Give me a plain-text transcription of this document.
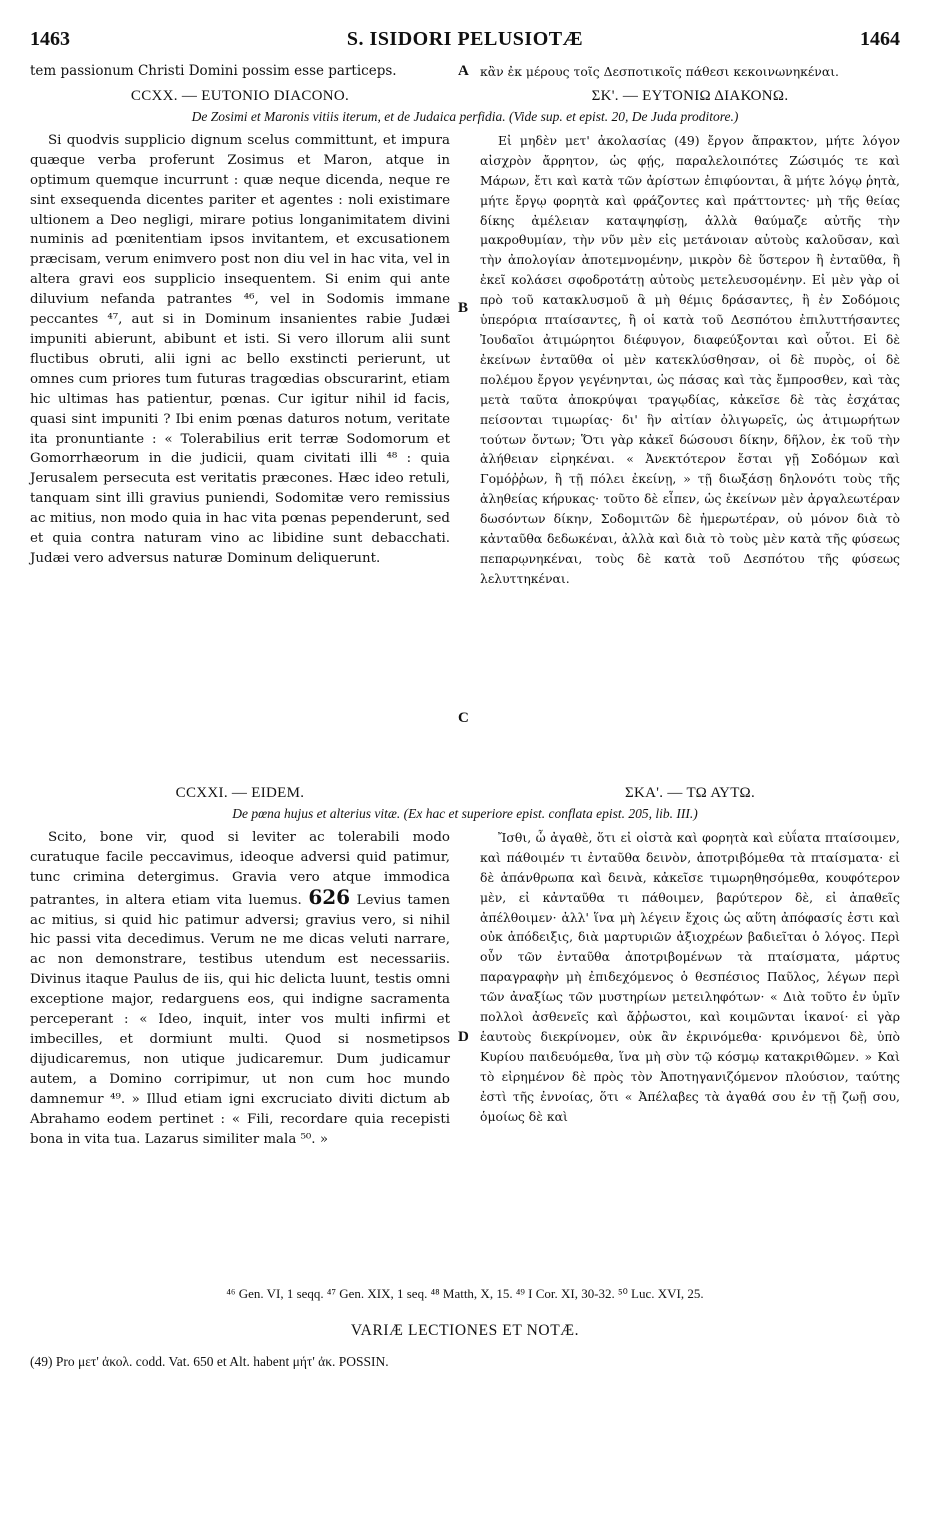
1463	S. ISIDORI PELUSIOTÆ	1464
tem passionum Christi Domini possim esse particeps.	A κἂν ἐκ μέρους τοῖς Δεσποτικοῖς πάθεσι κεκοινωνηκέναι.
CCXX. — EUTONIO DIACONO.	ΣΚ'. — ΕΥΤΟΝΙΩ ΔΙΑΚΟΝΩ.
De Zosimi et Maronis vitiis iterum, et de Judaica perfidia. (Vide sup. et epist. 20, De Juda proditore.)

Si quodvis supplicio dignum scelus committunt, et impura quæque verba proferunt Zosimus et Maron, atque in optimum quemque incurrunt : quæ neque dicenda, neque re sint exsequenda dicentes pariter et agentes : noli existimare ultionem a Deo negligi, mirare potius longanimitatem divini numinis ad pœnitentiam ipsos invitantem, et excusationem præcisam, verum enimvero post non diu vel in hac vita, vel in altera gravi eos supplicio insequentem. Si enim qui ante diluvium nefanda patrantes ⁴⁶, vel in Sodomis immane peccantes ⁴⁷, aut si in Dominum insanientes rabie Judæi impuniti abierunt, abibunt et isti. Si vero illorum alii sunt fluctibus obruti, alii igni ac bello exstincti perierunt, ut omnes cum priores tum futuras tragœdias obscurarint, etiam hic ultimas has patientur, pœnas. Cur igitur nihil id facis, quasi sint impuniti ? Ibi enim pœnas daturos notum, veritate ita pronuntiante : « Tolerabilius erit terræ Sodomorum et Gomorrhæorum in die judicii, quam civitati illi ⁴⁸ : quia Jerusalem persecuta est veritatis præcones. Hæc ideo retuli, tanquam sint illi gravius puniendi, Sodomitæ vero remissius ac mitius, non modo quia in hac vita pœnas pependerunt, sed et quia contra naturam vino ac libidine sunt debacchati. Judæi vero adversus naturæ Dominum deliquerunt.

B
C

Εἰ μηδὲν μετ' ἀκολασίας (49) ἔργον ἄπρακτον, μήτε λόγον αἰσχρὸν ἄρρητον, ὡς φῄς, παραλελοιπότες Ζώσιμός τε καὶ Μάρων, ἔτι καὶ κατὰ τῶν ἀρίστων ἐπιφύονται, ἃ μήτε λόγῳ ῥητὰ, μήτε ἔργῳ φορητὰ καὶ φράζοντες καὶ πράττοντες· μὴ τῆς θείας δίκης ἀμέλειαν καταψηφίσῃ, ἀλλὰ θαύμαζε αὐτῆς τὴν μακροθυμίαν, τὴν νῦν μὲν εἰς μετάνοιαν αὐτοὺς καλοῦσαν, καὶ τὴν ἀπολογίαν ἀποτεμνομένην, μικρὸν δὲ ὕστερον ἢ ἐνταῦθα, ἢ ἐκεῖ κολάσει σφοδροτάτῃ αὐτοὺς μετελευσομένην. Εἰ μὲν γὰρ οἱ πρὸ τοῦ κατακλυσμοῦ ἃ μὴ θέμις δράσαντες, ἢ ἐν Σοδόμοις ὑπερόρια πταίσαντες, ἢ οἱ κατὰ τοῦ Δεσπότου ἐπιλυττήσαντες Ἰουδαῖοι ἀτιμώρητοι διέφυγον, διαφεύξονται καὶ οὗτοι. Εἰ δὲ ἐκείνων ἐνταῦθα οἱ μὲν κατεκλύσθησαν, οἱ δὲ πυρὸς, οἱ δὲ πολέμου ἔργον γεγένηνται, ὡς πάσας καὶ τὰς ἔμπροσθεν, καὶ τὰς μετὰ ταῦτα ἀποκρύψαι τραγῳδίας, κἀκεῖσε δὲ τὰς ἐσχάτας πείσονται τιμωρίας· δι' ἣν αἰτίαν ὀλιγωρεῖς, ὡς ἀτιμωρήτων τούτων ὄντων; Ὅτι γὰρ κἀκεῖ δώσουσι δίκην, δῆλον, ἐκ τοῦ τὴν ἀλήθειαν εἰρηκέναι. « Ἀνεκτότερον ἔσται γῇ Σοδόμων καὶ Γομόῤῥων, ἢ τῇ πόλει ἐκείνῃ, » τῇ διωξάσῃ δηλονότι τοὺς τῆς ἀληθείας κήρυκας· τοῦτο δὲ εἶπεν, ὡς ἐκείνων μὲν ἀργαλεωτέραν δωσόντων δίκην, Σοδομιτῶν δὲ ἠμερωτέραν, οὐ μόνον διὰ τὸ κἀνταῦθα δεδωκέναι, ἀλλὰ καὶ διὰ τὸ τοὺς μὲν κατὰ τῆς φύσεως πεπαρῳνηκέναι, τοὺς δὲ κατὰ τοῦ Δεσπότου τῆς φύσεως λελυττηκέναι.

CCXXI. — EIDEM.	ΣΚΑ'. — ΤΩ ΑΥΤΩ.
De pœna hujus et alterius vitæ. (Ex hac et superiore epist. conflata epist. 205, lib. III.)

Scito, bone vir, quod si leviter ac tolerabili modo curatuque facile peccavimus, ideoque adversi quid patimur, tunc crimina detergimus. Gravia vero atque immodica patrantes, in altera etiam vita luemus. 626 Levius tamen ac mitius, si quid hic patimur adversi; gravius vero, si nihil hic passi vita decedimus. Verum ne me dicas veluti narrare, ac non demonstrare, testibus utendum est necessariis. Divinus itaque Paulus de iis, qui hic delicta luunt, testis omni exceptione major, redarguens eos, qui indigne sacramenta perceperant : « Ideo, inquit, inter vos multi infirmi et imbecilles, et dormiunt multi. Quod si nosmetipsos dijudicaremus, non utique judicaremur. Dum judicamur autem, a Domino corripimur, ut non cum hoc mundo damnemur ⁴⁹. » Illud etiam igni excruciato diviti dictum ab Abrahamo eodem pertinet : « Fili, recordare quia recepisti bona in vita tua. Lazarus similiter mala ⁵⁰. »

D

Ἴσθι, ὦ ἀγαθὲ, ὅτι εἰ οἰστὰ καὶ φορητὰ καὶ εὐΐατα πταίσοιμεν, καὶ πάθοιμέν τι ἐνταῦθα δεινὸν, ἀποτριβόμεθα τὰ πταίσματα· εἰ δὲ ἀπάνθρωπα καὶ δεινὰ, κἀκεῖσε τιμωρηθησόμεθα, κουφότερον μὲν, εἰ κἀνταῦθα τι πάθοιμεν, βαρύτερον δὲ, εἰ ἀπαθεῖς ἀπέλθοιμεν· ἀλλ' ἵνα μὴ λέγειν ἔχοις ὡς αὕτη ἀπόφασίς ἐστι καὶ οὐκ ἀπόδειξις, διὰ μαρτυριῶν ἀξιοχρέων βαδιεῖται ὁ λόγος. Περὶ οὖν τῶν ἐνταῦθα ἀποτριβομένων τὰ πταίσματα, μάρτυς παραγραφὴν μὴ ἐπιδεχόμενος ὁ θεσπέσιος Παῦλος, λέγων περὶ τῶν ἀναξίως τῶν μυστηρίων μετειληφότων· « Διὰ τοῦτο ἐν ὑμῖν πολλοὶ ἀσθενεῖς καὶ ἄῤῥωστοι, καὶ κοιμῶνται ἱκανοί· εἰ γὰρ ἑαυτοὺς διεκρίνομεν, οὐκ ἂν ἐκρινόμεθα· κρινόμενοι δὲ, ὑπὸ Κυρίου παιδευόμεθα, ἵνα μὴ σὺν τῷ κόσμῳ κατακριθῶμεν. » Καὶ τὸ εἰρημένον δὲ πρὸς τὸν Ἀποτηγανιζόμενον πλούσιον, ταύτης ἐστὶ τῆς ἐννοίας, ὅτι « Ἀπέλαβες τὰ ἀγαθά σου ἐν τῇ ζωῇ σου, ὁμοίως δὲ καὶ

⁴⁶ Gen. VI, 1 seqq. ⁴⁷ Gen. XIX, 1 seq. ⁴⁸ Matth, X, 15. ⁴⁹ I Cor. XI, 30-32. ⁵⁰ Luc. XVI, 25.
VARIÆ LECTIONES ET NOTÆ.
(49) Pro μετ' ἀκολ. codd. Vat. 650 et Alt. habent μήτ' ἀκ. POSSIN.
